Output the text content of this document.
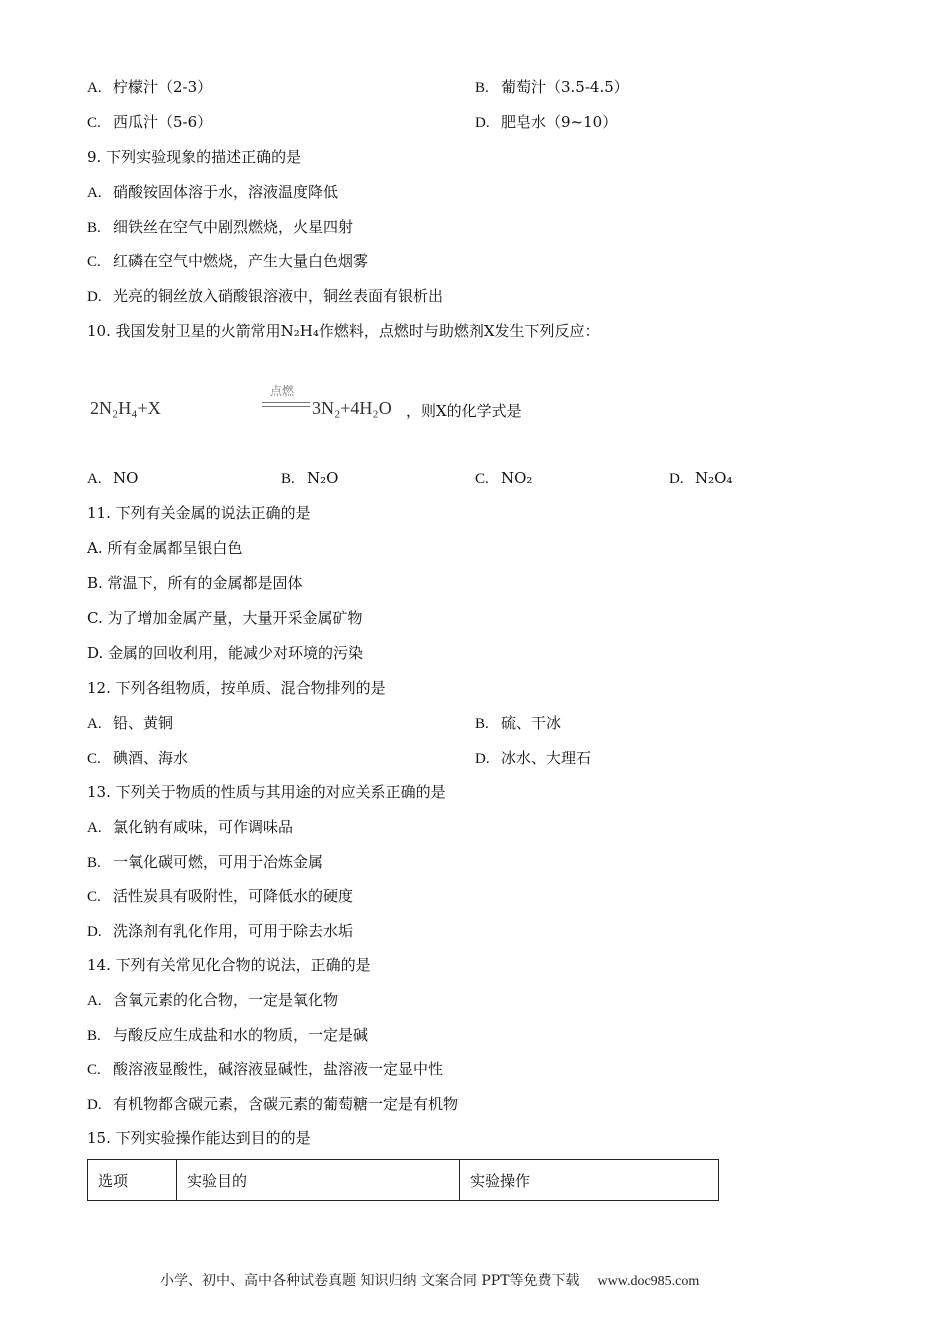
A. 柠檬汁（2-3）	B. 葡萄汁（3.5-4.5）
C. 西瓜汁（5-6）	D. 肥皂水（9~10）
9. 下列实验现象的描述正确的是
A. 硝酸铵固体溶于水，溶液温度降低
B. 细铁丝在空气中剧烈燃烧，火星四射
C. 红磷在空气中燃烧，产生大量白色烟雾
D. 光亮的铜丝放入硝酸银溶液中，铜丝表面有银析出
10. 我国发射卫星的火箭常用N₂H₄作燃料，点燃时与助燃剂X发生下列反应：
2N₂H₄+X
点燃
3N₂+4H₂O ，则X的化学式是
A. NO	B. N₂O	C. NO₂	D. N₂O₄
11. 下列有关金属的说法正确的是
A. 所有金属都呈银白色
B. 常温下，所有的金属都是固体
C. 为了增加金属产量，大量开采金属矿物
D. 金属的回收利用，能减少对环境的污染
12. 下列各组物质，按单质、混合物排列的是
A. 铅、黄铜	B. 硫、干冰
C. 碘酒、海水	D. 冰水、大理石
13. 下列关于物质的性质与其用途的对应关系正确的是
A. 氯化钠有咸味，可作调味品
B. 一氧化碳可燃，可用于冶炼金属
C. 活性炭具有吸附性，可降低水的硬度
D. 洗涤剂有乳化作用，可用于除去水垢
14. 下列有关常见化合物的说法，正确的是
A. 含氧元素的化合物，一定是氧化物
B. 与酸反应生成盐和水的物质，一定是碱
C. 酸溶液显酸性，碱溶液显碱性，盐溶液一定显中性
D. 有机物都含碳元素，含碳元素的葡萄糖一定是有机物
15. 下列实验操作能达到目的的是
选项	实验目的	实验操作
小学、初中、高中各种试卷真题 知识归纳 文案合同 PPT等免费下载 www.doc985.com
